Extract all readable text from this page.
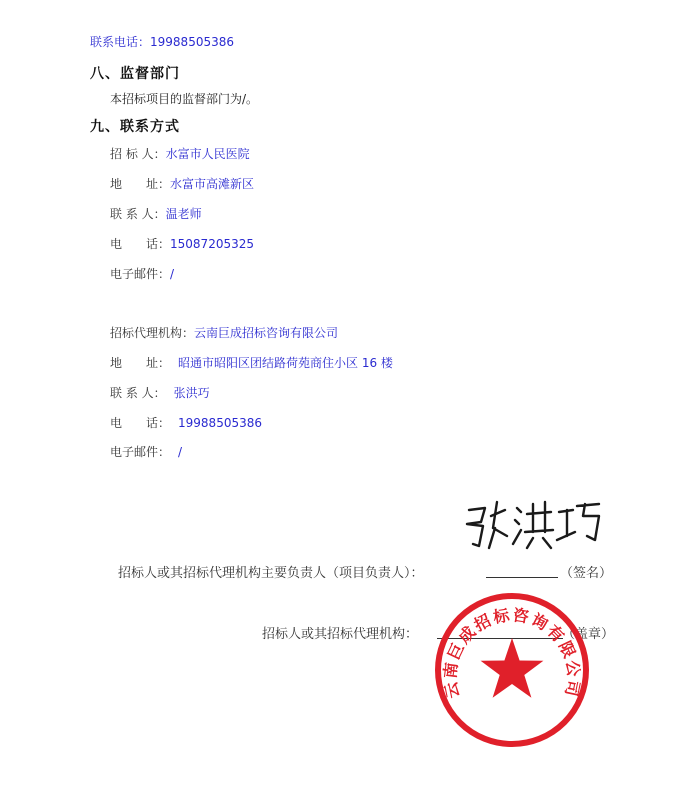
联系电话：19988505386
八、监督部门
本招标项目的监督部门为/。
九、联系方式
招 标 人：水富市人民医院
地　　址：水富市高滩新区
联 系 人：温老师
电　　话：15087205325
电子邮件：/
招标代理机构：云南巨成招标咨询有限公司
地　　址： 昭通市昭阳区团结路荷苑商住小区 16 楼
联 系 人： 张洪巧
电　　话： 19988505386
电子邮件： /
招标人或其招标代理机构主要负责人（项目负责人）：	（签名）
招标人或其招标代理机构：	（盖章）
云南巨成招标咨询有限公司
